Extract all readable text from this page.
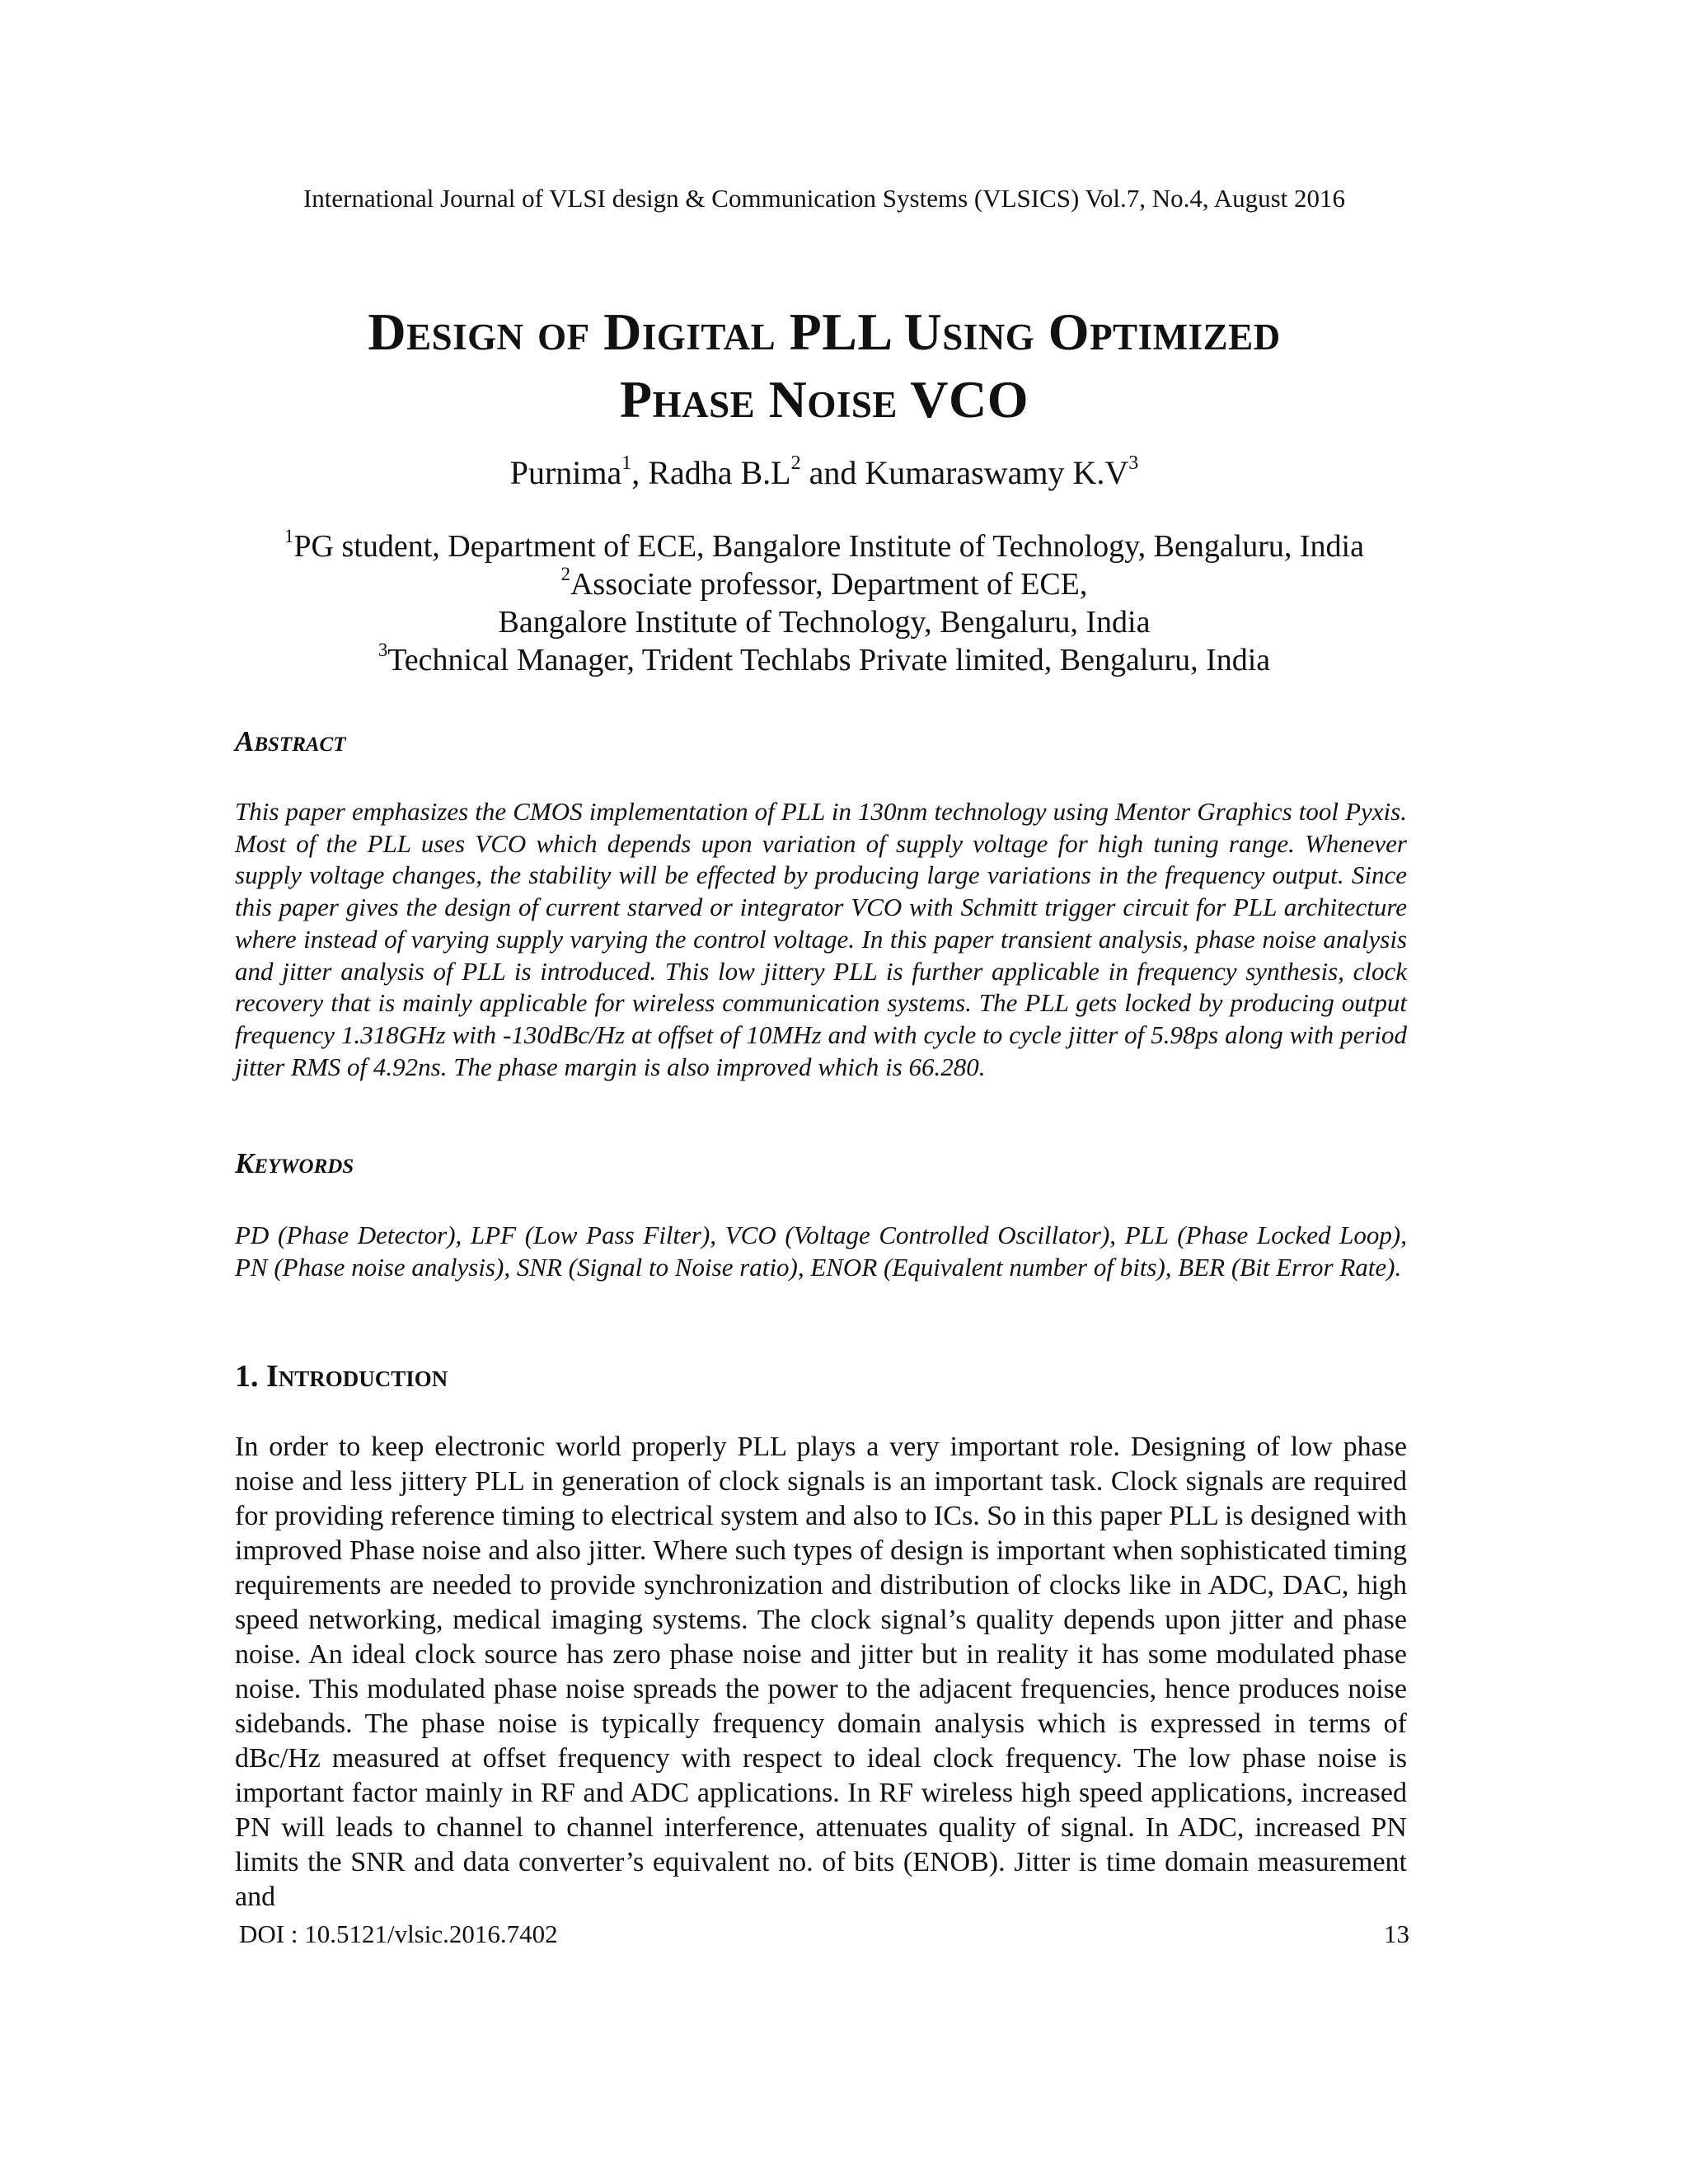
International Journal of VLSI design & Communication Systems (VLSICS) Vol.7, No.4, August 2016
Design of Digital PLL Using Optimized
Phase Noise VCO
Purnima$^1$, Radha $B.L^2$ and Kumaraswamy $K.V^3$
$^1$PG student, Department of ECE, Bangalore Institute of Technology, Bengaluru, India
$^2$Associate professor, Department of ECE,
Bangalore Institute of Technology, Bengaluru, India
$^3$Technical Manager, Trident Techlabs Private limited, Bengaluru, India
Abstract
This paper emphasizes the CMOS implementation of PLL in 130nm technology using Mentor Graphics tool Pyxis. Most of the PLL uses VCO which depends upon variation of supply voltage for high tuning range. Whenever supply voltage changes, the stability will be effected by producing large variations in the frequency output. Since this paper gives the design of current starved or integrator VCO with Schmitt trigger circuit for PLL architecture where instead of varying supply varying the control voltage. In this paper transient analysis, phase noise analysis and jitter analysis of PLL is introduced. This low jittery PLL is further applicable in frequency synthesis, clock recovery that is mainly applicable for wireless communication systems. The PLL gets locked by producing output frequency 1.318GHz with -130dBc/Hz at offset of 10MHz and with cycle to cycle jitter of 5.98ps along with period jitter RMS of 4.92ns. The phase margin is also improved which is 66.280.
Keywords
PD (Phase Detector), LPF (Low Pass Filter), VCO (Voltage Controlled Oscillator), PLL (Phase Locked Loop), PN (Phase noise analysis), SNR (Signal to Noise ratio), ENOR (Equivalent number of bits), BER (Bit Error Rate).
1. Introduction
In order to keep electronic world properly PLL plays a very important role. Designing of low phase noise and less jittery PLL in generation of clock signals is an important task. Clock signals are required for providing reference timing to electrical system and also to ICs. So in this paper PLL is designed with improved Phase noise and also jitter. Where such types of design is important when sophisticated timing requirements are needed to provide synchronization and distribution of clocks like in ADC, DAC, high speed networking, medical imaging systems. The clock signal’s quality depends upon jitter and phase noise. An ideal clock source has zero phase noise and jitter but in reality it has some modulated phase noise. This modulated phase noise spreads the power to the adjacent frequencies, hence produces noise sidebands. The phase noise is typically frequency domain analysis which is expressed in terms of dBc/Hz measured at offset frequency with respect to ideal clock frequency. The low phase noise is important factor mainly in RF and ADC applications. In RF wireless high speed applications, increased PN will leads to channel to channel interference, attenuates quality of signal. In ADC, increased PN limits the SNR and data converter’s equivalent no. of bits (ENOB). Jitter is time domain measurement and
DOI : 10.5121/vlsic.2016.7402	13
